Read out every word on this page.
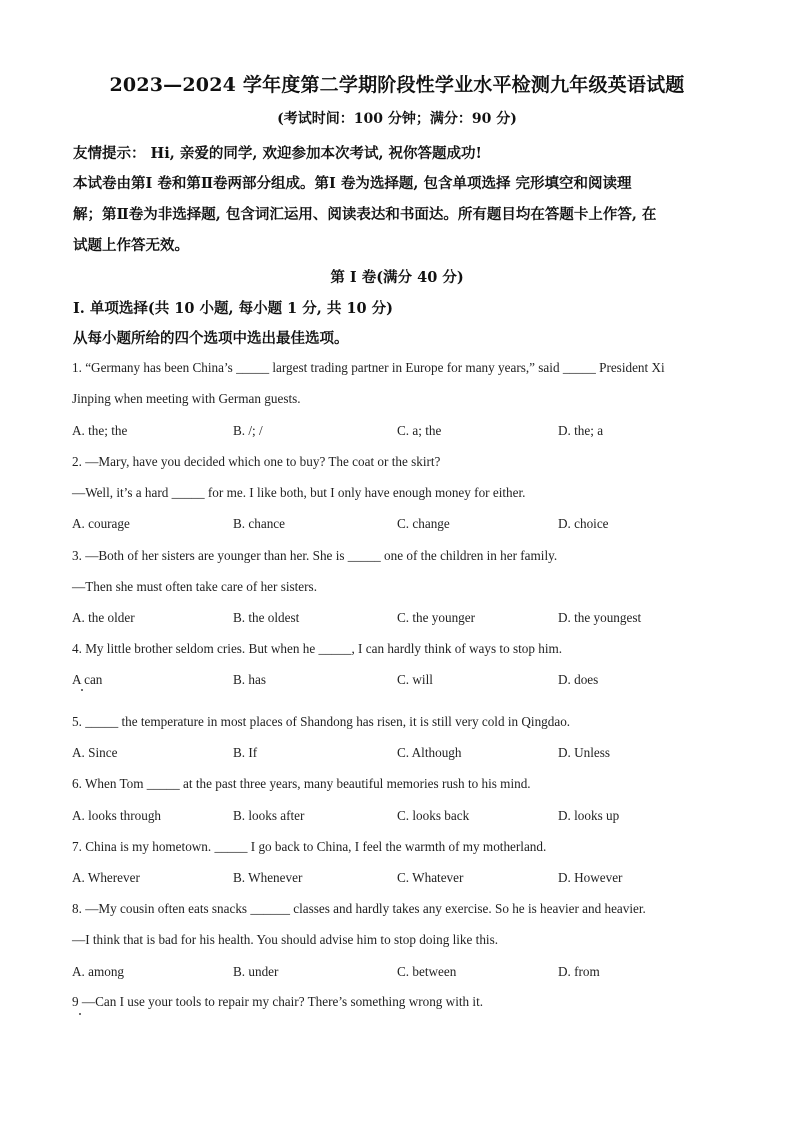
2023—2024 学年度第二学期阶段性学业水平检测九年级英语试题
(考试时间：100 分钟；满分：90 分)
友情提示： Hi, 亲爱的同学, 欢迎参加本次考试, 祝你答题成功!
本试卷由第Ⅰ 卷和第Ⅱ卷两部分组成。第Ⅰ 卷为选择题, 包含单项选择 完形填空和阅读理
解；第Ⅱ卷为非选择题, 包含词汇运用、阅读表达和书面达。所有题目均在答题卡上作答, 在
试题上作答无效。
第 Ⅰ 卷(满分 40 分)
I. 单项选择(共 10 小题, 每小题 1 分, 共 10 分)
从每小题所给的四个选项中选出最佳选项。
1. “Germany has been China’s _____ largest trading partner in Europe for many years,” said _____ President Xi
Jinping when meeting with German guests.
A. the; the	B. /; /	C. a; the	D. the; a
2. —Mary, have you decided which one to buy? The coat or the skirt?
—Well, it’s a hard _____ for me. I like both, but I only have enough money for either.
A. courage	B. chance	C. change	D. choice
3. —Both of her sisters are younger than her. She is _____ one of the children in her family.
—Then she must often take care of her sisters.
A. the older	B. the oldest	C. the younger	D. the youngest
4. My little brother seldom cries. But when he _____, I can hardly think of ways to stop him.
A can	B. has	C. will	D. does
5. _____ the temperature in most places of Shandong has risen, it is still very cold in Qingdao.
A. Since	B. If	C. Although	D. Unless
6. When Tom _____ at the past three years, many beautiful memories rush to his mind.
A. looks through	B. looks after	C. looks back	D. looks up
7. China is my hometown. _____ I go back to China, I feel the warmth of my motherland.
A. Wherever	B. Whenever	C. Whatever	D. However
8. —My cousin often eats snacks ______ classes and hardly takes any exercise. So he is heavier and heavier.
—I think that is bad for his health. You should advise him to stop doing like this.
A. among	B. under	C. between	D. from
9 —Can I use your tools to repair my chair? There’s something wrong with it.
